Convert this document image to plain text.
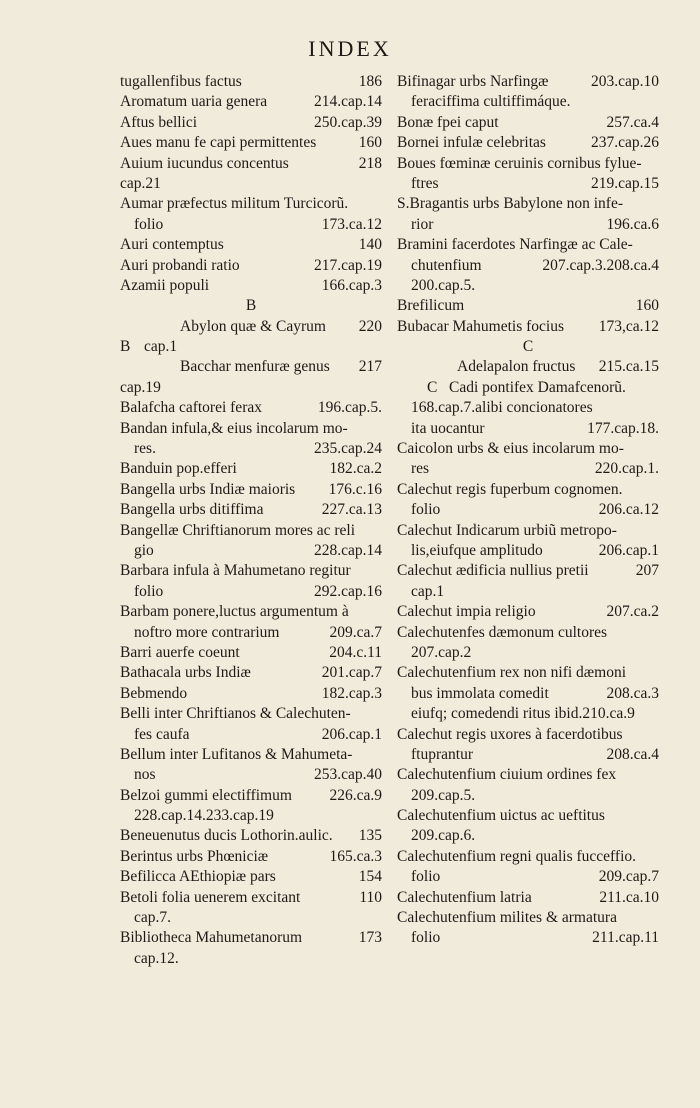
INDEX
tugallenfibus factus	186
Aromatum uaria genera	214.cap.14
Aftus bellici	250.cap.39
Aues manu fe capi permittentes	160
Auium iucundus concentus	218
cap.21
Aumar præfectus militum Turcicorũ.
folio	173.ca.12
Auri contemptus	140
Auri probandi ratio	217.cap.19
Azamii populi	166.cap.3
B
Abylon quæ & Cayrum 220
B cap.1
Bacchar menfuræ genus 217
cap.19
Balafcha caftorei ferax	196.cap.5.
Bandan infula,& eius incolarum mo-
res.	235.cap.24
Banduin pop.efferi	182.ca.2
Bangella urbs Indiæ maioris 176.c.16
Bangella urbs ditiffima	227.ca.13
Bangellæ Chriftianorum mores ac reli
gio	228.cap.14
Barbara infula à Mahumetano regitur
folio	292.cap.16
Barbam ponere,luctus argumentum à
noftro more contrarium	209.ca.7
Barri auerfe coeunt	204.c.11
Bathacala urbs Indiæ	201.cap.7
Bebmendo	182.cap.3
Belli inter Chriftianos & Calechuten-
fes caufa	206.cap.1
Bellum inter Lufitanos & Mahumeta-
nos	253.cap.40
Belzoi gummi electiffimum 226.ca.9
228.cap.14.233.cap.19
Beneuenutus ducis Lothorin.aulic. 135
Berintus urbs Phœniciæ	165.ca.3
Befilicca AEthiopiæ pars	154
Betoli folia uenerem excitant	110
cap.7.
Bibliotheca Mahumetanorum	173
cap.12.
Bifinagar urbs Narfingæ	203.cap.10
feraciffima cultiffimáque.
Bonæ fpei caput	257.ca.4
Bornei infulæ celebritas	237.cap.26
Boues fœminæ ceruinis cornibus fylue-
ftres	219.cap.15
S.Bragantis urbs Babylone non infe-
rior	196.ca.6
Bramini facerdotes Narfingæ ac Cale-
chutenfium	207.cap.3.208.ca.4
200.cap.5.
Brefilicum	160
Bubacar Mahumetis focius 173,ca.12
C
Adelapalon fructus 215.ca.15
C Cadi pontifex Damafcenorũ.
168.cap.7.alibi concionatores
ita uocantur	177.cap.18.
Caicolon urbs & eius incolarum mo-
res	220.cap.1.
Calechut regis fuperbum cognomen.
folio	206.ca.12
Calechut Indicarum urbiũ metropo-
lis,eiufque amplitudo	206.cap.1
Calechut ædificia nullius pretii	207
cap.1
Calechut impia religio	207.ca.2
Calechutenfes dæmonum cultores
207.cap.2
Calechutenfium rex non nifi dæmoni
bus immolata comedit	208.ca.3
eiufq; comedendi ritus ibid.210.ca.9
Calechut regis uxores à facerdotibus
ftuprantur	208.ca.4
Calechutenfium ciuium ordines fex
209.cap.5.
Calechutenfium uictus ac ueftitus
209.cap.6.
Calechutenfium regni qualis fucceffio.
folio	209.cap.7
Calechutenfium latria	211.ca.10
Calechutenfium milites & armatura
folio	211.cap.11
